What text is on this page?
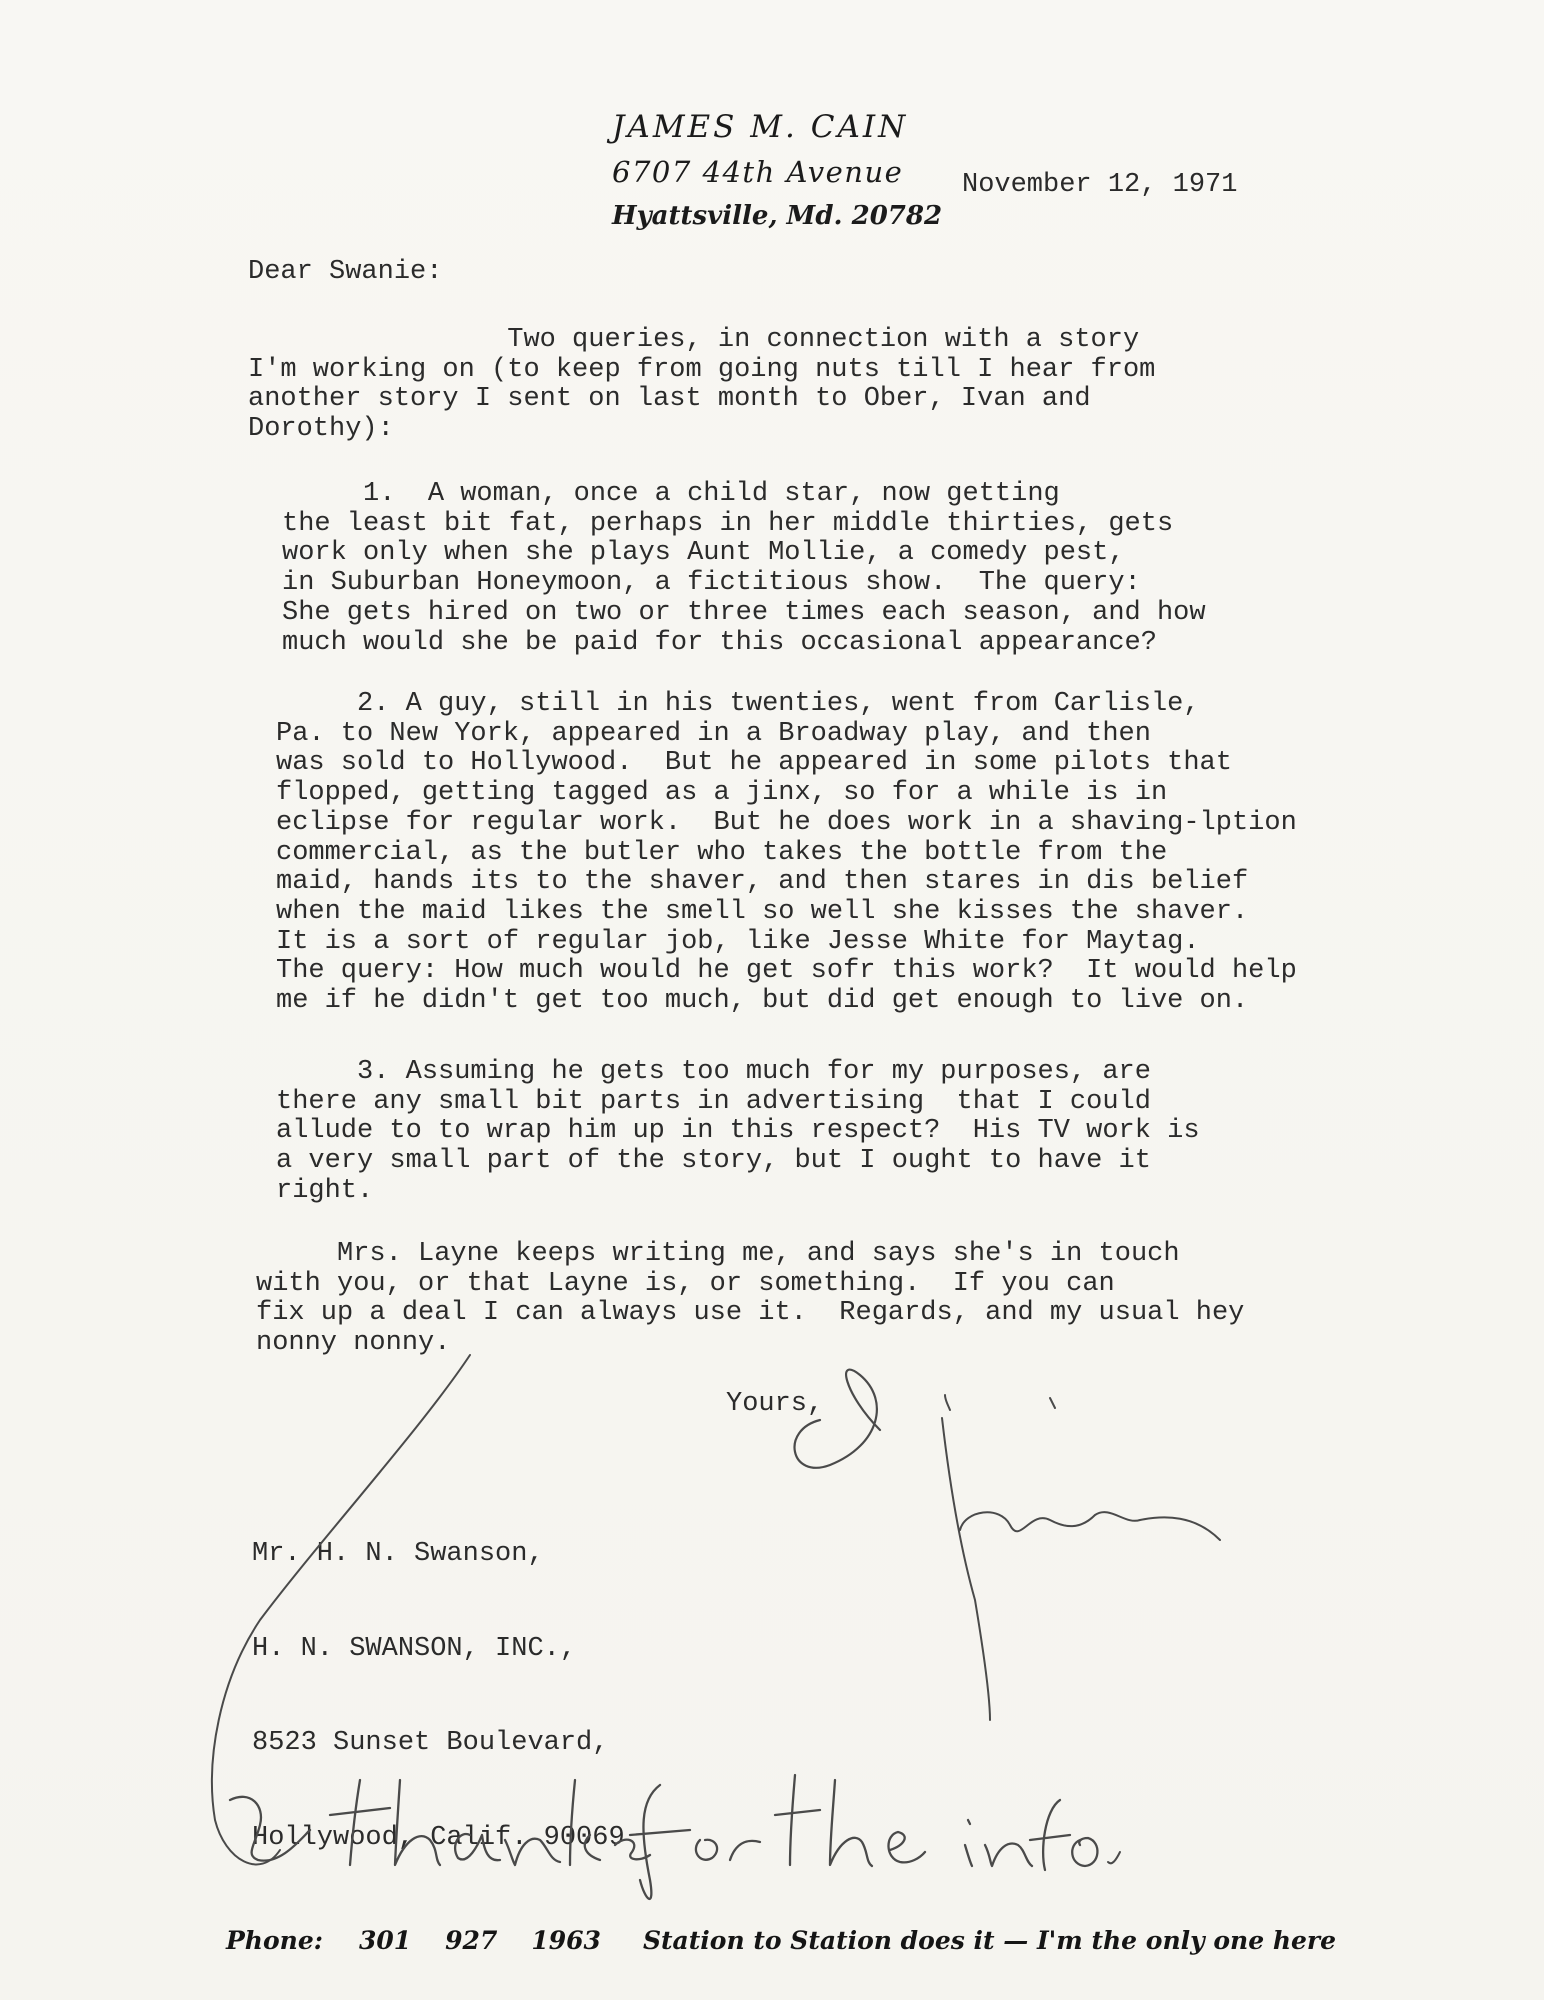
JAMES M. CAIN
6707 44th Avenue
Hyattsville, Md. 20782
November 12, 1971
Dear Swanie:
Two queries, in connection with a story
I'm working on (to keep from going nuts till I hear from
another story I sent on last month to Ober, Ivan and
Dorothy):
1.  A woman, once a child star, now getting
the least bit fat, perhaps in her middle thirties, gets
work only when she plays Aunt Mollie, a comedy pest,
in Suburban Honeymoon, a fictitious show.  The query:
She gets hired on two or three times each season, and how
much would she be paid for this occasional appearance?
2. A guy, still in his twenties, went from Carlisle,
Pa. to New York, appeared in a Broadway play, and then
was sold to Hollywood.  But he appeared in some pilots that
flopped, getting tagged as a jinx, so for a while is in
eclipse for regular work.  But he does work in a shaving-lption
commercial, as the butler who takes the bottle from the
maid, hands its to the shaver, and then stares in dis belief
when the maid likes the smell so well she kisses the shaver.
It is a sort of regular job, like Jesse White for Maytag.
The query: How much would he get sofr this work?  It would help
me if he didn't get too much, but did get enough to live on.
3. Assuming he gets too much for my purposes, are
there any small bit parts in advertising  that I could
allude to to wrap him up in this respect?  His TV work is
a very small part of the story, but I ought to have it
right.
Mrs. Layne keeps writing me, and says she's in touch
with you, or that Layne is, or something.  If you can
fix up a deal I can always use it.  Regards, and my usual hey
nonny nonny.
Yours,

Mr. H. N. Swanson,

H. N. SWANSON, INC.,

8523 Sunset Boulevard,

Hollywood, Calif. 90069

Phone: 301 927 1963 Station to Station does it — I'm the only one here
